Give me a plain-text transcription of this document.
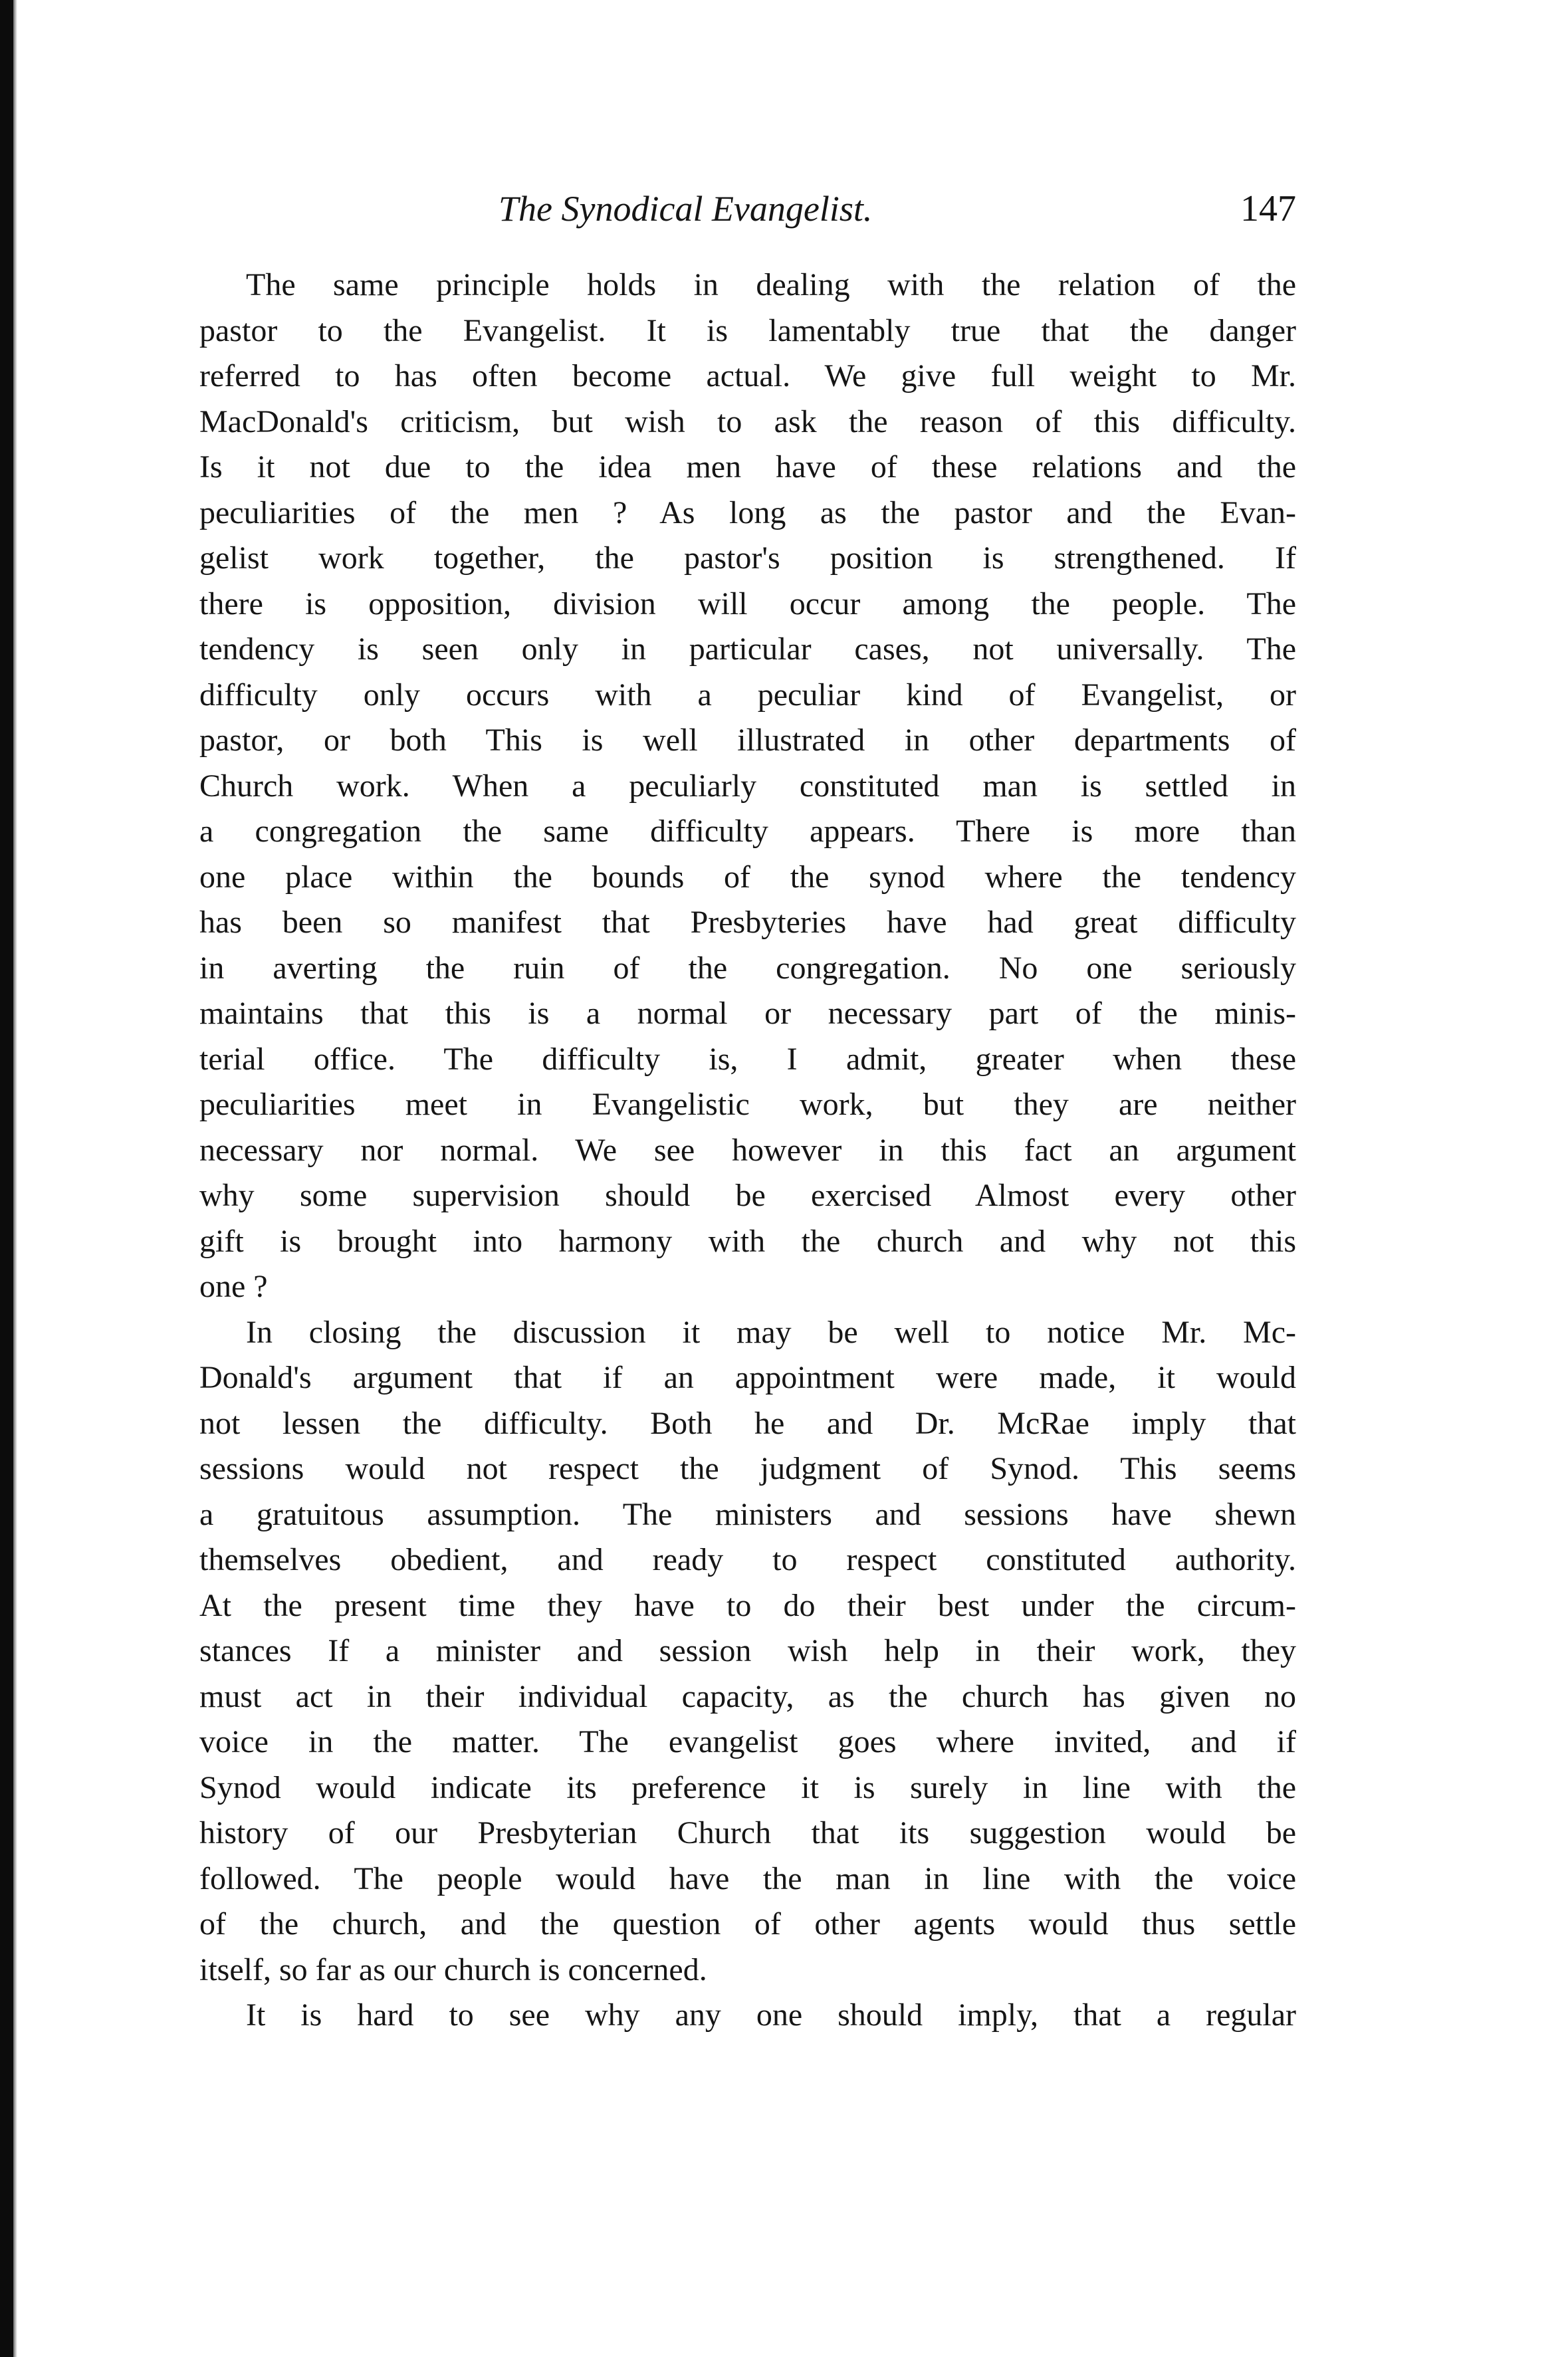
The Synodical Evangelist.	147
The same principle holds in dealing with the relation of the
pastor to the Evangelist. It is lamentably true that the danger
referred to has often become actual. We give full weight to Mr.
MacDonald's criticism, but wish to ask the reason of this difficulty.
Is it not due to the idea men have of these relations and the
peculiarities of the men ? As long as the pastor and the Evan-
gelist work together, the pastor's position is strengthened. If
there is opposition, division will occur among the people. The
tendency is seen only in particular cases, not universally. The
difficulty only occurs with a peculiar kind of Evangelist, or
pastor, or both This is well illustrated in other departments of
Church work. When a peculiarly constituted man is settled in
a congregation the same difficulty appears. There is more than
one place within the bounds of the synod where the tendency
has been so manifest that Presbyteries have had great difficulty
in averting the ruin of the congregation. No one seriously
maintains that this is a normal or necessary part of the minis-
terial office. The difficulty is, I admit, greater when these
peculiarities meet in Evangelistic work, but they are neither
necessary nor normal. We see however in this fact an argument
why some supervision should be exercised Almost every other
gift is brought into harmony with the church and why not this
one ?
In closing the discussion it may be well to notice Mr. Mc-
Donald's argument that if an appointment were made, it would
not lessen the difficulty. Both he and Dr. McRae imply that
sessions would not respect the judgment of Synod. This seems
a gratuitous assumption. The ministers and sessions have shewn
themselves obedient, and ready to respect constituted authority.
At the present time they have to do their best under the circum-
stances If a minister and session wish help in their work, they
must act in their individual capacity, as the church has given no
voice in the matter. The evangelist goes where invited, and if
Synod would indicate its preference it is surely in line with the
history of our Presbyterian Church that its suggestion would be
followed. The people would have the man in line with the voice
of the church, and the question of other agents would thus settle
itself, so far as our church is concerned.
It is hard to see why any one should imply, that a regular
